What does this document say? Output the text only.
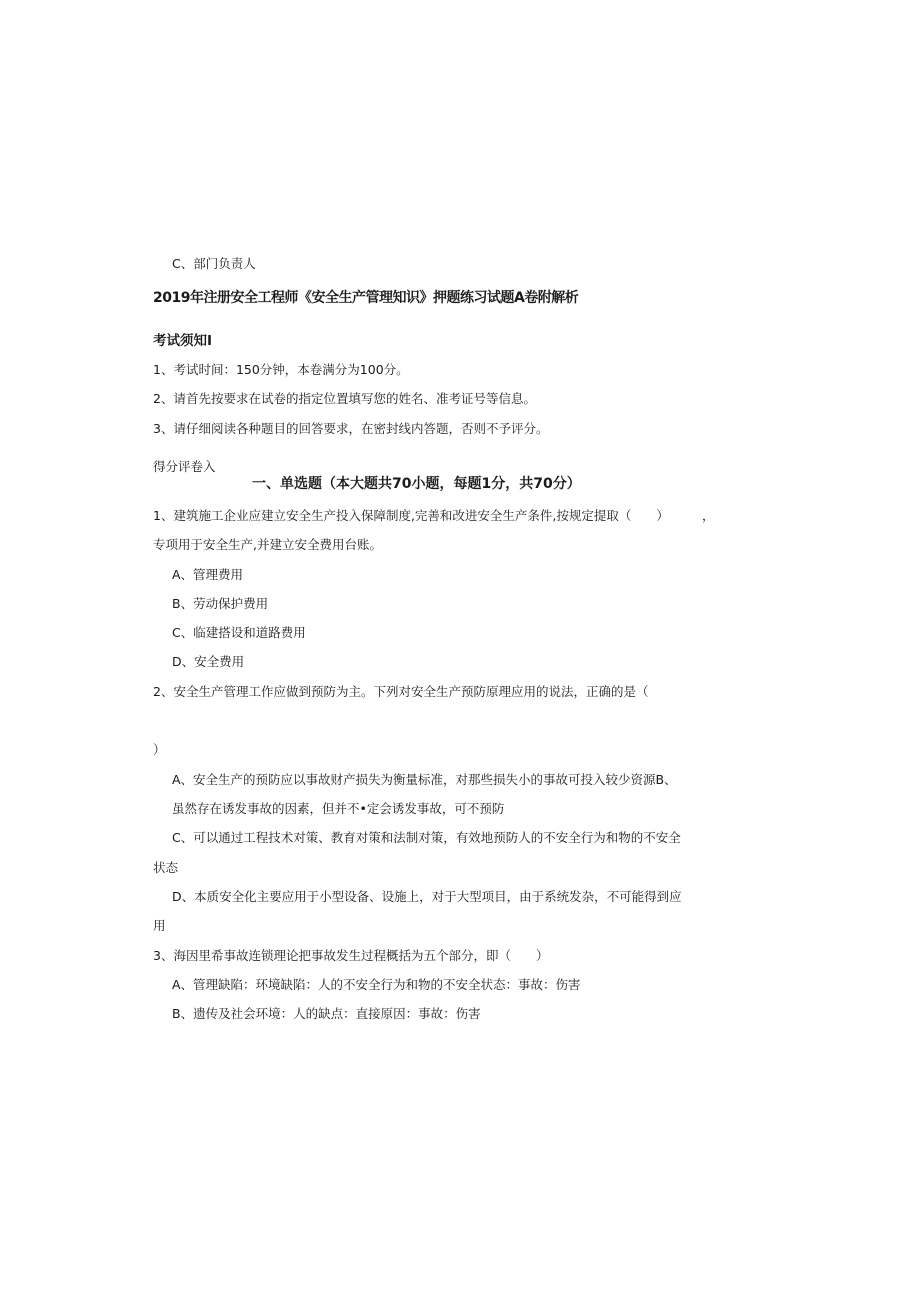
C、部门负责人
2019年注册安全工程师《安全生产管理知识》押题练习试题A卷附解析
考试须知I
1、考试时间：150分钟，本卷满分为100分。
2、请首先按要求在试卷的指定位置填写您的姓名、准考证号等信息。
3、请仔细阅读各种题目的回答要求，在密封线内答题，否则不予评分。
得分评卷入
一、单选题（本大题共70小题，每题1分，共70分）
1、建筑施工企业应建立安全生产投入保障制度,完善和改进安全生产条件,按规定提取（　　）	，
专项用于安全生产,并建立安全费用台账。
A、管理费用
B、劳动保护费用
C、临建搭设和道路费用
D、安全费用
2、安全生产管理工作应做到预防为主。下列对安全生产预防原理应用的说法，正确的是（
）
A、安全生产的预防应以事故财产损失为衡量标准，对那些损失小的事故可投入较少资源B、
虽然存在诱发事故的因素，但并不•定会诱发事故，可不预防
C、可以通过工程技术对策、教育对策和法制对策，有效地预防人的不安全行为和物的不安全
状态
D、本质安全化主要应用于小型设备、设施上，对于大型项目，由于系统发杂，不可能得到应
用
3、海因里希事故连锁理论把事故发生过程概括为五个部分，即（　　）
A、管理缺陷：环境缺陷：人的不安全行为和物的不安全状态：事故：伤害
B、遗传及社会环境：人的缺点：直接原因：事故：伤害
